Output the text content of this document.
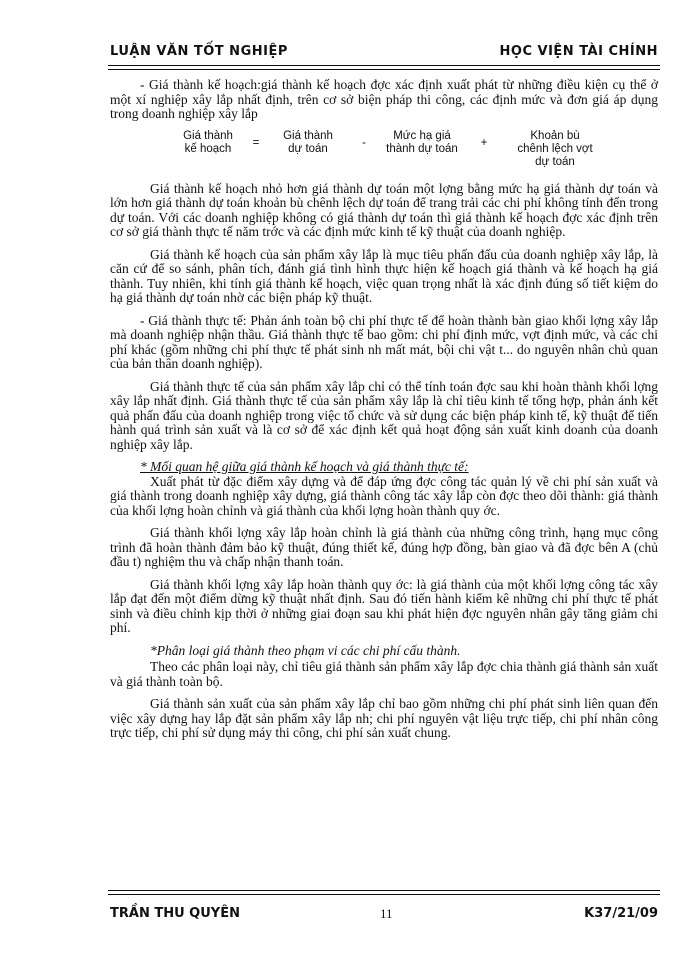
LUẬN VĂN TỐT NGHIỆP	HỌC VIỆN TÀI CHÍNH

- Giá thành kế hoạch:giá thành kế hoạch đợc xác định xuất phát từ những điều kiện cụ thể ở một xí nghiệp xây lắp nhất định, trên cơ sở biện pháp thi công, các định mức và đơn giá áp dụng trong doanh nghiệp xây lắp

Giá thành
kế hoạch	=
Giá thành
dự toán	-
Mức hạ giá
thành dự toán	+
Khoản bù
chênh lệch vợt
dự toán

Giá thành kế hoạch nhỏ hơn giá thành dự toán một lợng bằng mức hạ giá thành dự toán và lớn hơn giá thành dự toán khoản bù chênh lệch dự toán để trang trải các chi phí không tính đến trong dự toán. Với các doanh nghiệp không có giá thành dự toán thì giá thành kế hoạch đợc xác định trên cơ sở giá thành thực tế năm trớc và các định mức kinh tế kỹ thuật của doanh nghiệp.

Giá thành kế hoạch của sản phẩm xây lắp là mục tiêu phấn đấu của doanh nghiệp xây lắp, là căn cứ để so sánh, phân tích, đánh giá tình hình thực hiện kế hoạch giá thành và kế hoạch hạ giá thành. Tuy nhiên, khi tính giá thành kế hoạch, việc quan trọng nhất là xác định đúng số tiết kiệm do hạ giá thành dự toán nhờ các biện pháp kỹ thuật.

- Giá thành thực tế: Phản ánh toàn bộ chi phí thực tế để hoàn thành bàn giao khối lợng xây lắp mà doanh nghiệp nhận thầu. Giá thành thực tế bao gồm: chi phí định mức, vợt định mức, và các chi phí khác (gồm những chi phí thực tế phát sinh nh mất mát, bội chi vật t... do nguyên nhân chủ quan của bản thân doanh nghiệp).

Giá thành thực tế của sản phẩm xây lắp chỉ có thể tính toán đợc sau khi hoàn thành khối lợng xây lắp nhất định. Giá thành thực tế của sản phẩm xây lắp là chỉ tiêu kinh tế tổng hợp, phản ánh kết quả phấn đấu của doanh nghiệp trong việc tổ chức và sử dụng các biện pháp kinh tế, kỹ thuật để tiến hành quá trình sản xuất và là cơ sở để xác định kết quả hoạt động sản xuất kinh doanh của doanh nghiệp xây lắp.

* Mối quan hệ giữa giá thành kế hoạch và giá thành thực tế:

Xuất phát từ đặc điểm xây dựng và để đáp ứng đợc công tác quản lý về chi phí sản xuất và giá thành trong doanh nghiệp xây dựng, giá thành công tác xây lắp còn đợc theo dõi thành: giá thành của khối lợng hoàn chỉnh và giá thành của khối lợng hoàn thành quy ớc.

Giá thành khối lợng xây lắp hoàn chỉnh là giá thành của những công trình, hạng mục công trình đã hoàn thành đảm bảo kỹ thuật, đúng thiết kế, đúng hợp đồng, bàn giao và đã đợc bên A (chủ đầu t) nghiệm thu và chấp nhận thanh toán.

Giá thành khối lợng xây lắp hoàn thành quy ớc: là giá thành của một khối lợng công tác xây lắp đạt đến một điểm dừng kỹ thuật nhất định. Sau đó tiến hành kiểm kê những chi phí thực tế phát sinh và điều chỉnh kịp thời ở những giai đoạn sau khi phát hiện đợc nguyên nhân gây tăng giảm chi phí.

*Phân loại giá thành theo phạm vi các chi phí cấu thành.

Theo các phân loại này, chỉ tiêu giá thành sản phẩm xây lắp đợc chia thành giá thành sản xuất và giá thành toàn bộ.

Giá thành sản xuất của sản phẩm xây lắp chỉ bao gồm những chi phí phát sinh liên quan đến việc xây dựng hay lắp đặt sản phẩm xây lắp nh; chi phí nguyên vật liệu trực tiếp, chi phí nhân công trực tiếp, chi phí sử dụng máy thi công, chi phí sản xuất chung.

TRẦN THU QUYÊN	11	K37/21/09
